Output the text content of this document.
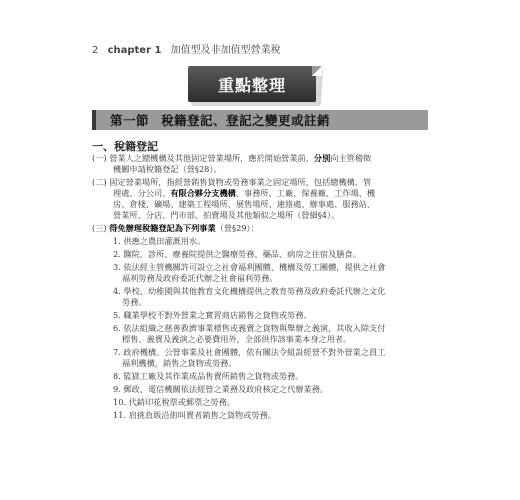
2 chapter 1 加值型及非加值型營業稅
重點整理
第一節 稅籍登記、登記之變更或註銷
一、稅籍登記
(一) 營業人之總機構及其他固定營業場所，應於開始營業前，分別向主管稽徵
機關申請稅籍登記（營§28）。
(二) 固定營業場所，指經營銷售貨物或勞務事業之固定場所，包括總機構、管
理處、分公司、有限合夥分支機構、事務所、工廠、保養廠、工作場、機
房、倉棧、礦場、建築工程場所、展售場所、連絡處、辦事處、服務站、
營業所、分店、門市部、拍賣場及其他類似之場所（營細§4）。
(三) 得免辦理稅籍登記為下列事業（營§29）：
1. 供應之農田灌溉用水。
2. 醫院、診所、療養院提供之醫療勞務、藥品、病房之住宿及膳食。
3. 依法經主管機關許可設立之社會福利團體、機構及勞工團體，提供之社會
福利勞務及政府委託代辦之社會福利勞務。
4. 學校、幼稚園與其他教育文化機構提供之教育勞務及政府委託代辦之文化
勞務。
5. 職業學校不對外營業之實習商店銷售之貨物或勞務。
6. 依法組織之慈善救濟事業標售或義賣之貨物與舉辦之義演，其收入除支付
標售、義賣及義演之必要費用外，全部供作該事業本身之用者。
7. 政府機構、公營事業及社會團體，依有關法令組設經營不對外營業之員工
福利機構，銷售之貨物或勞務。
8. 監獄工廠及其作業成品售賣所銷售之貨物或勞務。
9. 郵政、電信機關依法經營之業務及政府核定之代辦業務。
10. 代銷印花稅票或郵票之勞務。
11. 肩挑負販沿街叫賣者銷售之貨物或勞務。
